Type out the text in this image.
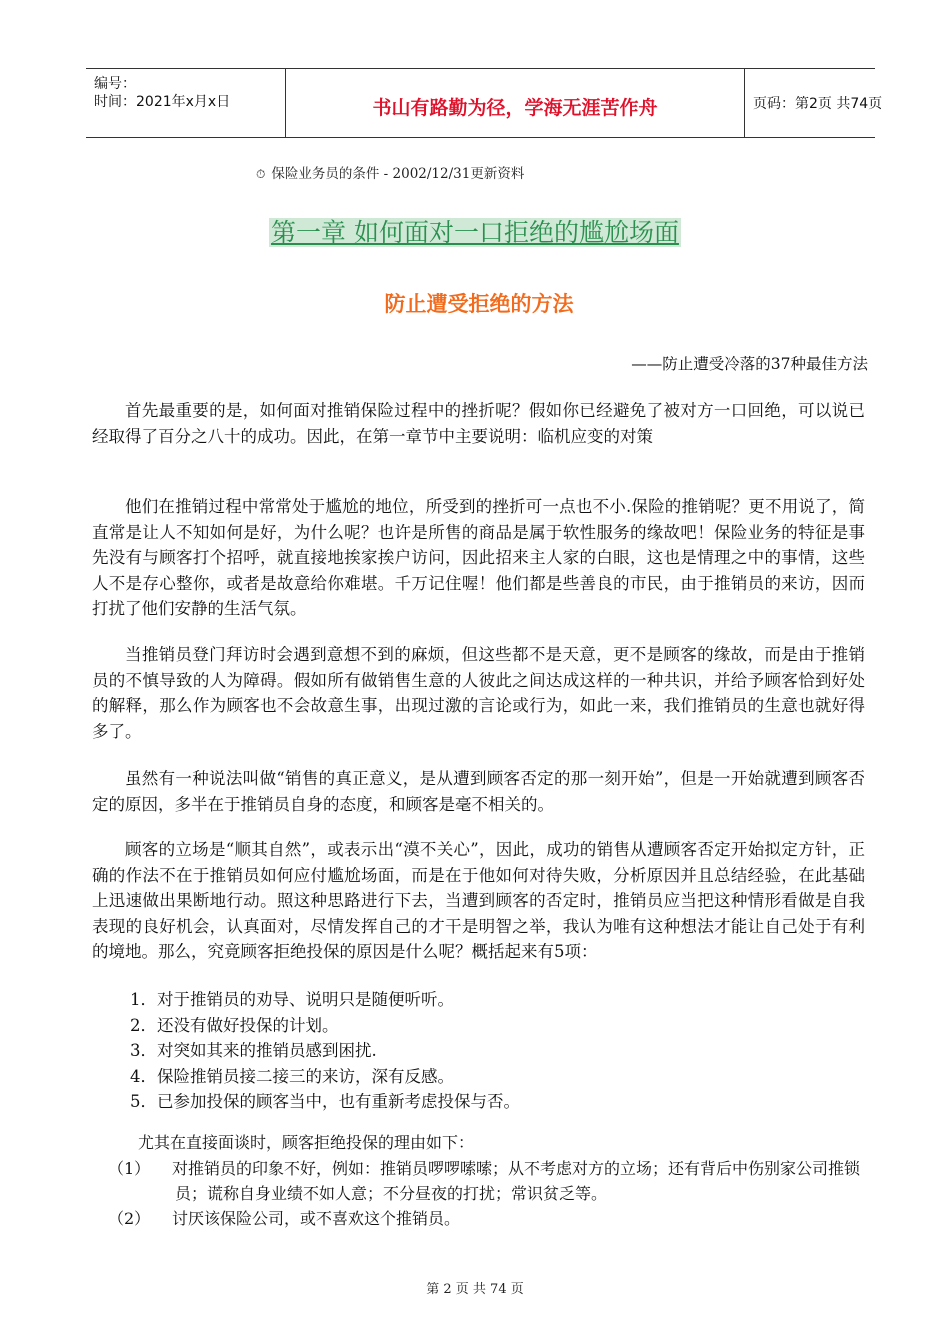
编号：
时间：2021年x月x日	书山有路勤为径，学海无涯苦作舟	页码：第2页 共74页
⏱ 保险业务员的条件 - 2002/12/31更新资料
第一章 如何面对一口拒绝的尴尬场面
防止遭受拒绝的方法
——防止遭受冷落的37种最佳方法

首先最重要的是，如何面对推销保险过程中的挫折呢？假如你已经避免了被对方一口回绝，可以说已经取得了百分之八十的成功。因此，在第一章节中主要说明：临机应变的对策

他们在推销过程中常常处于尴尬的地位，所受到的挫折可一点也不小.保险的推销呢？更不用说了，简直常是让人不知如何是好，为什么呢？也许是所售的商品是属于软性服务的缘故吧！保险业务的特征是事先没有与顾客打个招呼，就直接地挨家挨户访问，因此招来主人家的白眼，这也是情理之中的事情，这些人不是存心整你，或者是故意给你难堪。千万记住喔！他们都是些善良的市民，由于推销员的来访，因而打扰了他们安静的生活气氛。

当推销员登门拜访时会遇到意想不到的麻烦，但这些都不是天意，更不是顾客的缘故，而是由于推销员的不慎导致的人为障碍。假如所有做销售生意的人彼此之间达成这样的一种共识，并给予顾客恰到好处的解释，那么作为顾客也不会故意生事，出现过激的言论或行为，如此一来，我们推销员的生意也就好得多了。

虽然有一种说法叫做“销售的真正意义，是从遭到顾客否定的那一刻开始”，但是一开始就遭到顾客否定的原因，多半在于推销员自身的态度，和顾客是毫不相关的。

顾客的立场是“顺其自然”，或表示出“漠不关心”，因此，成功的销售从遭顾客否定开始拟定方针，正确的作法不在于推销员如何应付尴尬场面，而是在于他如何对待失败，分析原因并且总结经验，在此基础上迅速做出果断地行动。照这种思路进行下去，当遭到顾客的否定时，推销员应当把这种情形看做是自我表现的良好机会，认真面对，尽情发挥自己的才干是明智之举，我认为唯有这种想法才能让自己处于有利的境地。那么，究竟顾客拒绝投保的原因是什么呢？概括起来有5项：

1．对于推销员的劝导、说明只是随便听听。
2．还没有做好投保的计划。
3．对突如其来的推销员感到困扰.
4．保险推销员接二接三的来访，深有反感。
5．已参加投保的顾客当中，也有重新考虑投保与否。
尤其在直接面谈时，顾客拒绝投保的理由如下：
（1） 对推销员的印象不好，例如：推销员啰啰嗦嗦；从不考虑对方的立场；还有背后中伤别家公司推锁员；谎称自身业绩不如人意；不分昼夜的打扰；常识贫乏等。
（2） 讨厌该保险公司，或不喜欢这个推销员。
第 2 页 共 74 页
